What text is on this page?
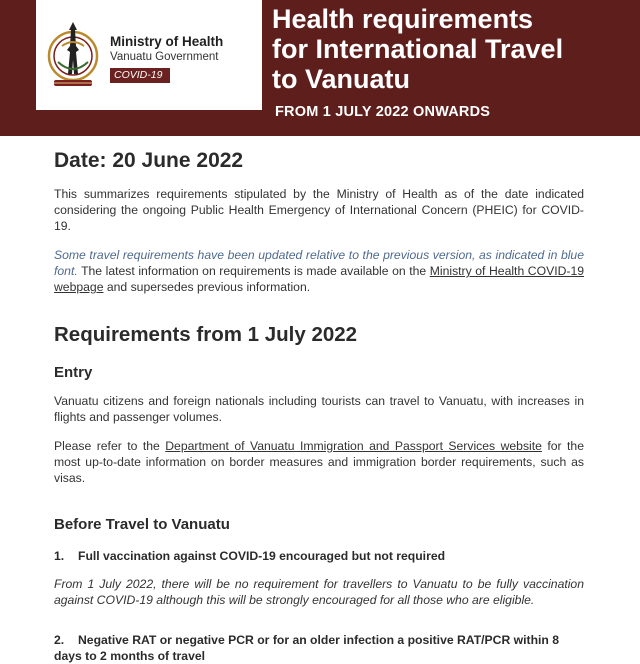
Ministry of Health
Vanuatu Government
COVID-19
Health requirements
for International Travel
to Vanuatu
FROM 1 JULY 2022 ONWARDS
Date: 20 June 2022

This summarizes requirements stipulated by the Ministry of Health as of the date indicated considering the ongoing Public Health Emergency of International Concern (PHEIC) for COVID-19.

Some travel requirements have been updated relative to the previous version, as indicated in blue font. The latest information on requirements is made available on the Ministry of Health COVID-19 webpage and supersedes previous information.

Requirements from 1 July 2022
Entry

Vanuatu citizens and foreign nationals including tourists can travel to Vanuatu, with increases in flights and passenger volumes.

Please refer to the Department of Vanuatu Immigration and Passport Services website for the most up-to-date information on border measures and immigration border requirements, such as visas.

Before Travel to Vanuatu
1. Full vaccination against COVID-19 encouraged but not required

From 1 July 2022, there will be no requirement for travellers to Vanuatu to be fully vaccination against COVID-19 although this will be strongly encouraged for all those who are eligible.

2. Negative RAT or negative PCR or for an older infection a positive RAT/PCR within 8 days to 2 months of travel
